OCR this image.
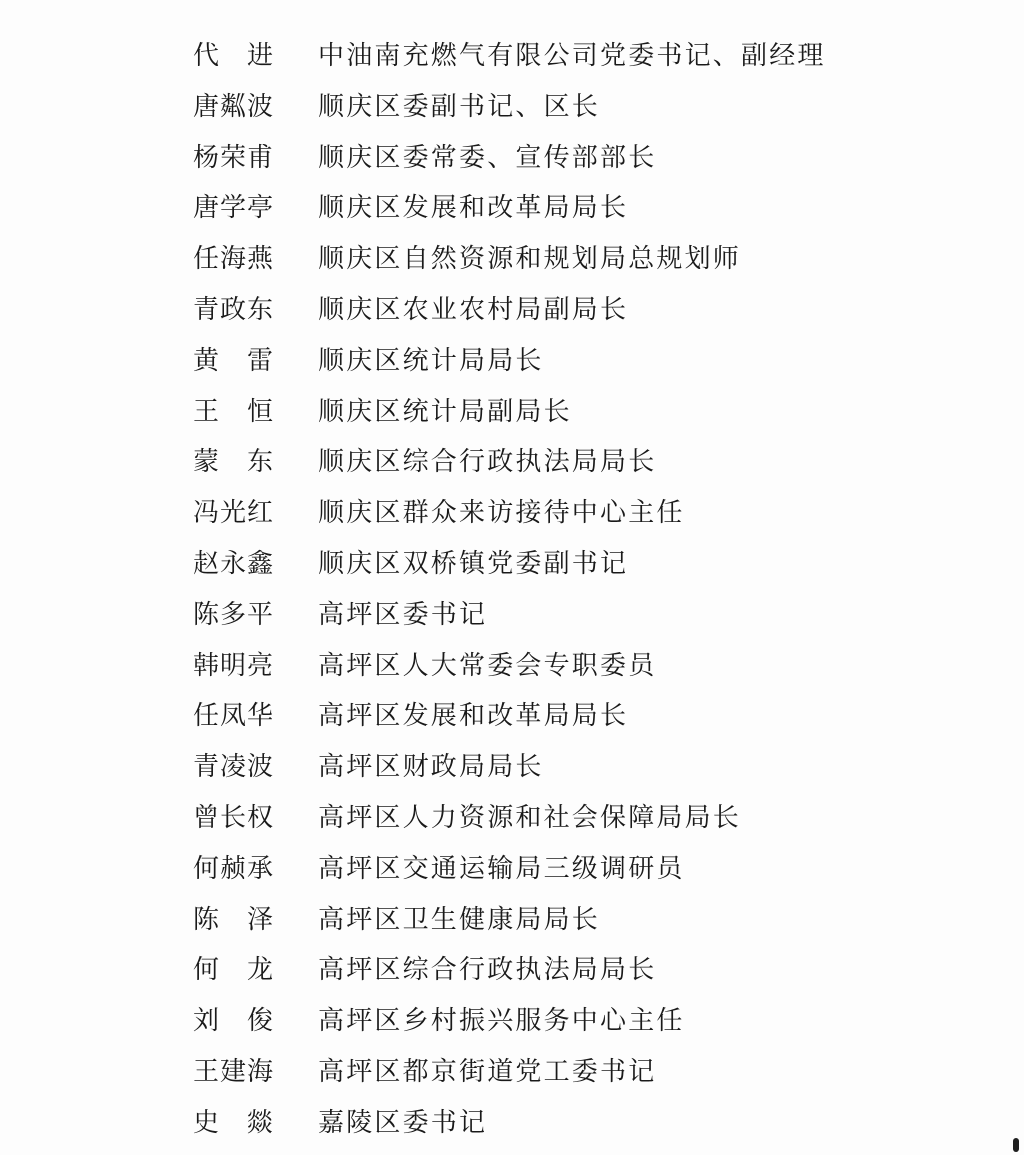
代 进 中油南充燃气有限公司党委书记、副经理
唐粼波 顺庆区委副书记、区长
杨荣甫 顺庆区委常委、宣传部部长
唐学亭 顺庆区发展和改革局局长
任海燕 顺庆区自然资源和规划局总规划师
青政东 顺庆区农业农村局副局长
黄 雷 顺庆区统计局局长
王 恒 顺庆区统计局副局长
蒙 东 顺庆区综合行政执法局局长
冯光红 顺庆区群众来访接待中心主任
赵永鑫 顺庆区双桥镇党委副书记
陈多平 高坪区委书记
韩明亮 高坪区人大常委会专职委员
任凤华 高坪区发展和改革局局长
青凌波 高坪区财政局局长
曾长权 高坪区人力资源和社会保障局局长
何赪承 高坪区交通运输局三级调研员
陈 泽 高坪区卫生健康局局长
何 龙 高坪区综合行政执法局局长
刘 俊 高坪区乡村振兴服务中心主任
王建海 高坪区都京街道党工委书记
史 燚 嘉陵区委书记
